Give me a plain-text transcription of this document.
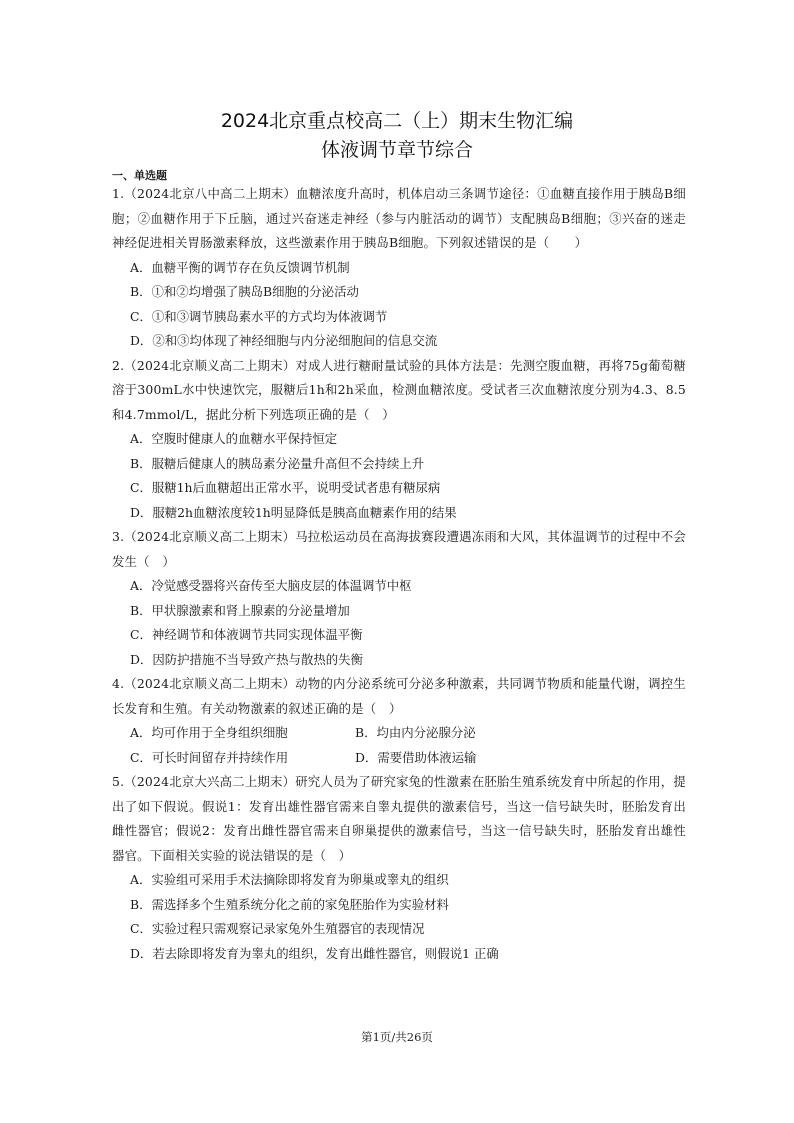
2024北京重点校高二（上）期末生物汇编
体液调节章节综合
一、单选题

1.（2024北京八中高二上期末）血糖浓度升高时，机体启动三条调节途径：①血糖直接作用于胰岛B细胞；②血糖作用于下丘脑，通过兴奋迷走神经（参与内脏活动的调节）支配胰岛B细胞；③兴奋的迷走神经促进相关胃肠激素释放，这些激素作用于胰岛B细胞。下列叙述错误的是（　　）

A．血糖平衡的调节存在负反馈调节机制

B．①和②均增强了胰岛B细胞的分泌活动

C．①和③调节胰岛素水平的方式均为体液调节

D．②和③均体现了神经细胞与内分泌细胞间的信息交流

2.（2024北京顺义高二上期末）对成人进行糖耐量试验的具体方法是：先测空腹血糖，再将75g葡萄糖溶于300mL水中快速饮完，服糖后1h和2h采血，检测血糖浓度。受试者三次血糖浓度分别为4.3、8.5和4.7mmol/L，据此分析下列选项正确的是（　）

A．空腹时健康人的血糖水平保持恒定

B．服糖后健康人的胰岛素分泌量升高但不会持续上升

C．服糖1h后血糖超出正常水平，说明受试者患有糖尿病

D．服糖2h血糖浓度较1h明显降低是胰高血糖素作用的结果

3.（2024北京顺义高二上期末）马拉松运动员在高海拔赛段遭遇冻雨和大风，其体温调节的过程中不会发生（　）

A．冷觉感受器将兴奋传至大脑皮层的体温调节中枢

B．甲状腺激素和肾上腺素的分泌量增加

C．神经调节和体液调节共同实现体温平衡

D．因防护措施不当导致产热与散热的失衡

4.（2024北京顺义高二上期末）动物的内分泌系统可分泌多种激素，共同调节物质和能量代谢，调控生长发育和生殖。有关动物激素的叙述正确的是（　）

A．均可作用于全身组织细胞	B．均由内分泌腺分泌
C．可长时间留存并持续作用	D．需要借助体液运输

5.（2024北京大兴高二上期末）研究人员为了研究家兔的性激素在胚胎生殖系统发育中所起的作用，提出了如下假说。假说1：发育出雄性器官需来自睾丸提供的激素信号，当这一信号缺失时，胚胎发育出雌性器官；假说2：发育出雌性器官需来自卵巢提供的激素信号，当这一信号缺失时，胚胎发育出雄性器官。下面相关实验的说法错误的是（　）

A．实验组可采用手术法摘除即将发育为卵巢或睾丸的组织

B．需选择多个生殖系统分化之前的家兔胚胎作为实验材料

C．实验过程只需观察记录家兔外生殖器官的表现情况

D．若去除即将发育为睾丸的组织，发育出雌性器官，则假说1 正确

第1页/共26页
